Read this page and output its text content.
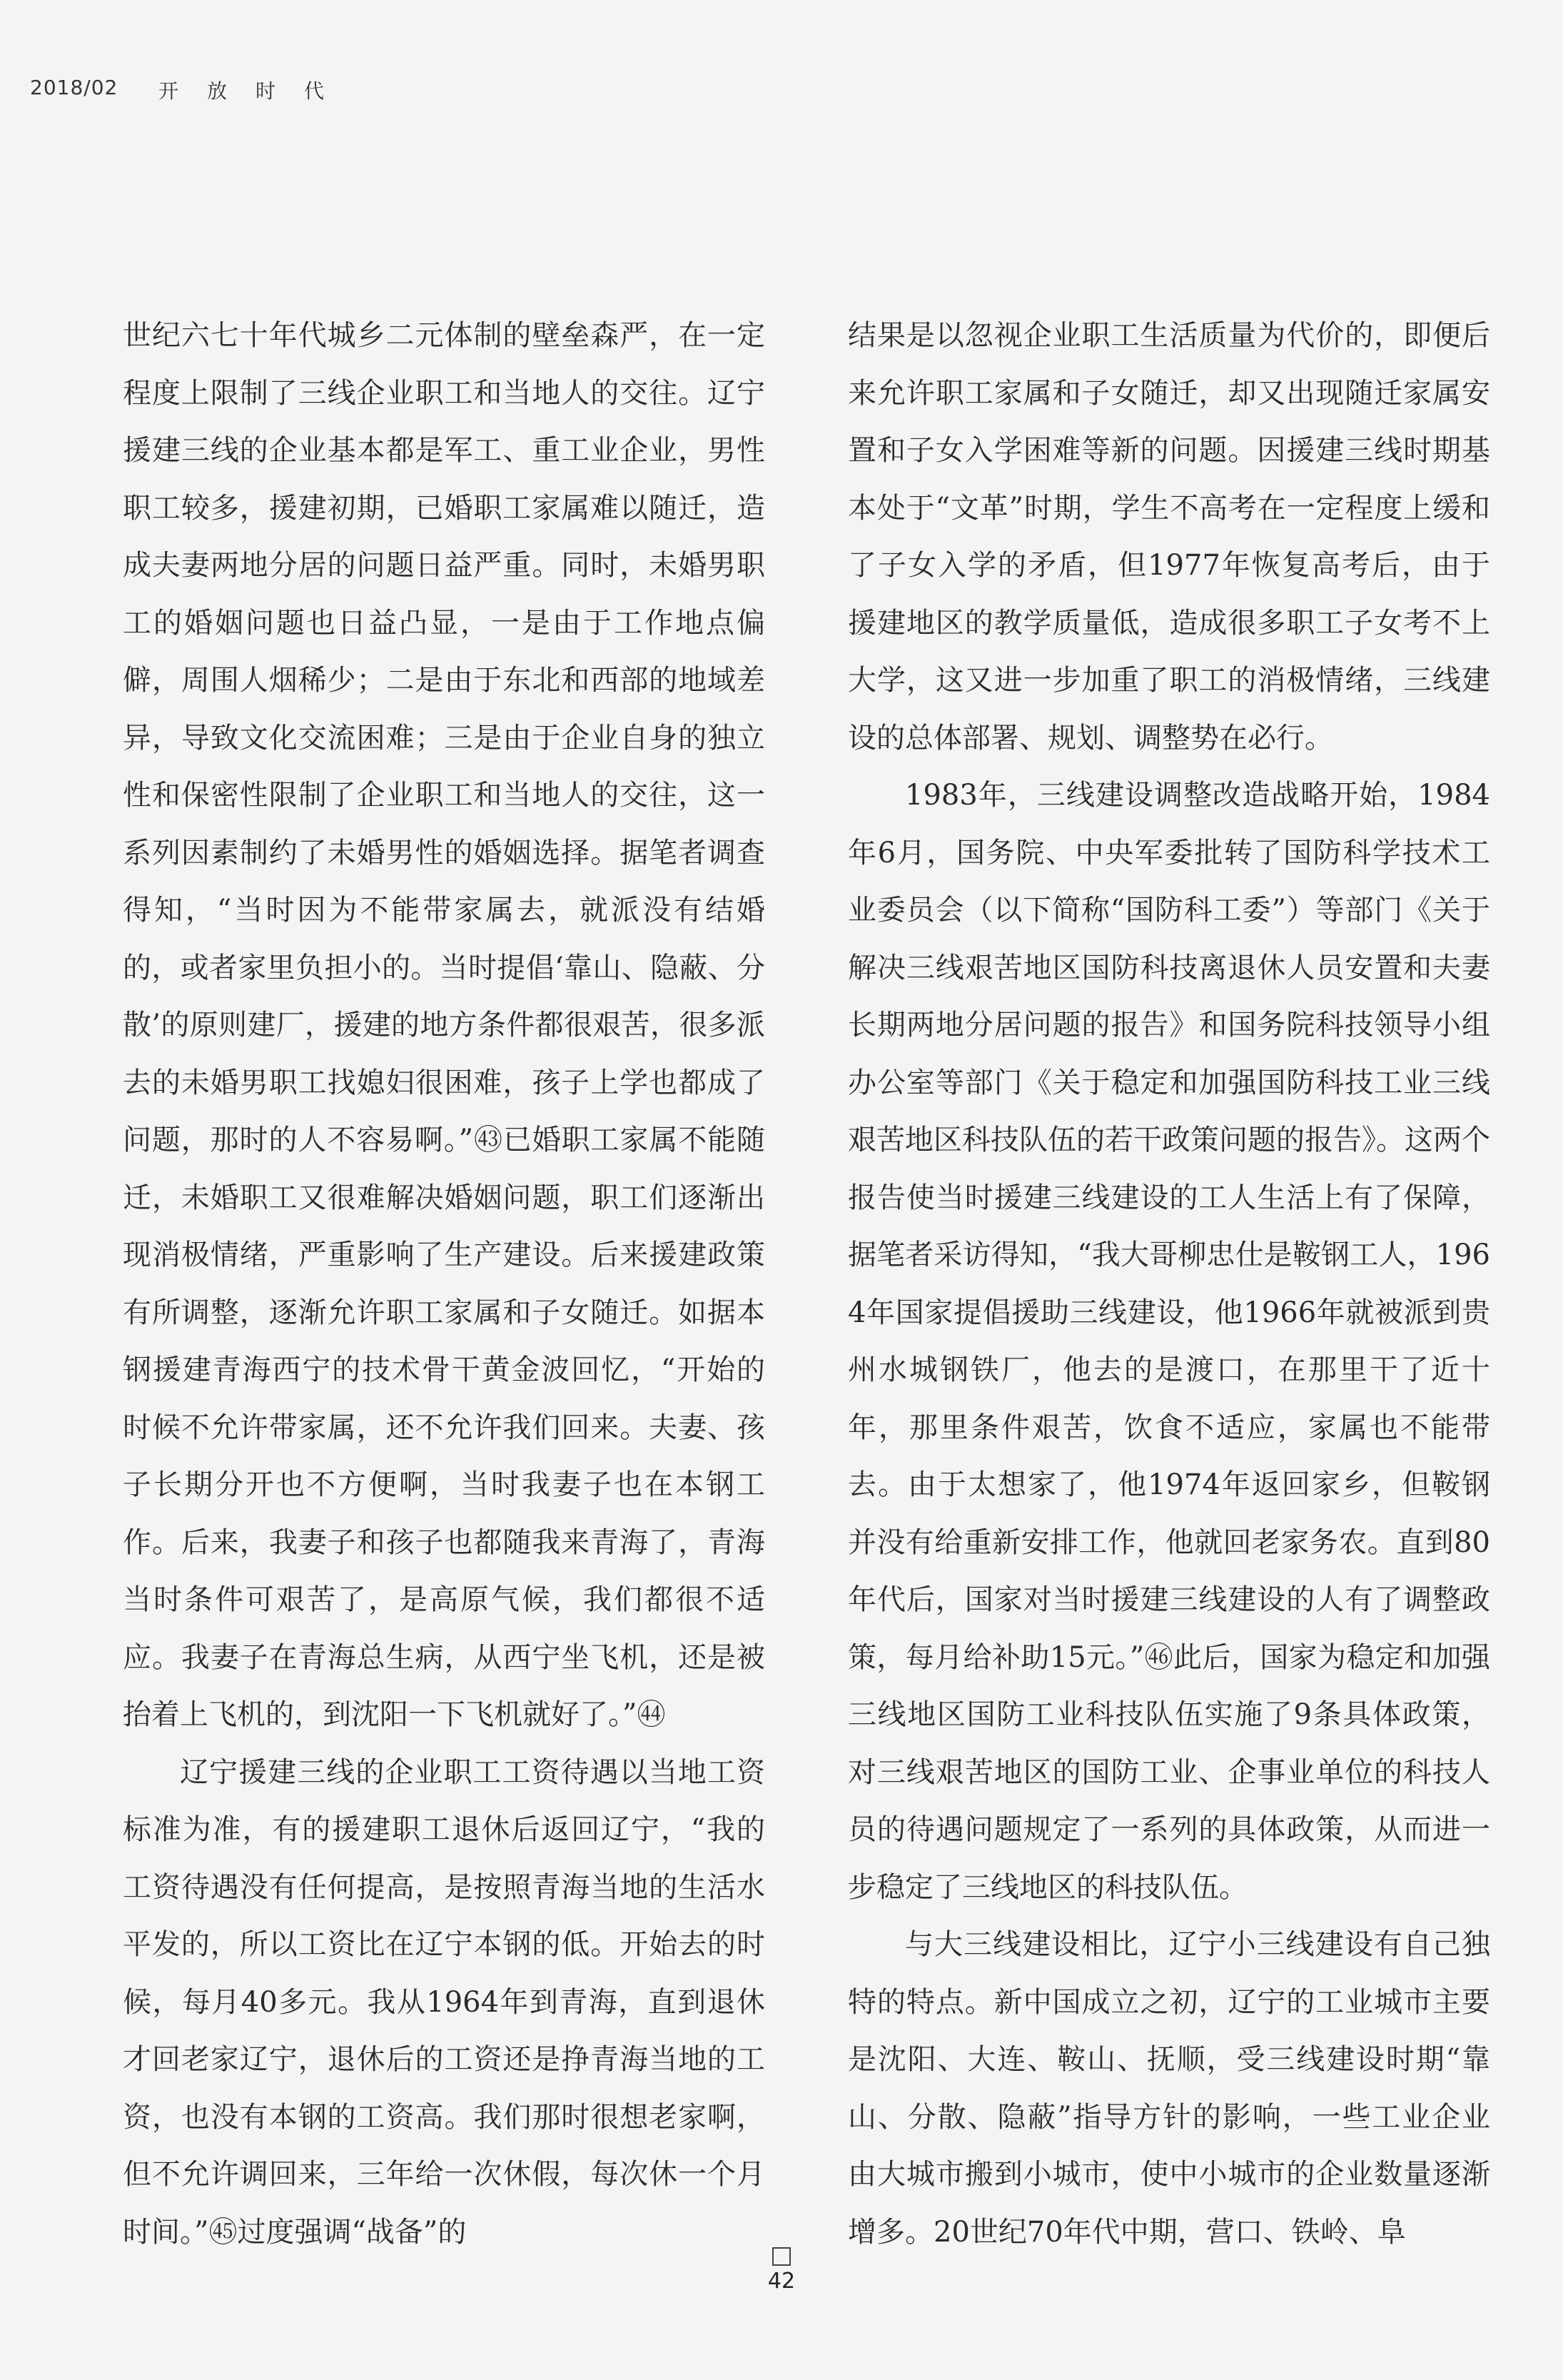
2018/02 开放时代

世纪六七十年代城乡二元体制的壁垒森严，在一定程度上限制了三线企业职工和当地人的交往。辽宁援建三线的企业基本都是军工、重工业企业，男性职工较多，援建初期，已婚职工家属难以随迁，造成夫妻两地分居的问题日益严重。同时，未婚男职工的婚姻问题也日益凸显，一是由于工作地点偏僻，周围人烟稀少；二是由于东北和西部的地域差异，导致文化交流困难；三是由于企业自身的独立性和保密性限制了企业职工和当地人的交往，这一系列因素制约了未婚男性的婚姻选择。据笔者调查得知，“当时因为不能带家属去，就派没有结婚的，或者家里负担小的。当时提倡‘靠山、隐蔽、分散’的原则建厂，援建的地方条件都很艰苦，很多派去的未婚男职工找媳妇很困难，孩子上学也都成了问题，那时的人不容易啊。”㊸已婚职工家属不能随迁，未婚职工又很难解决婚姻问题，职工们逐渐出现消极情绪，严重影响了生产建设。后来援建政策有所调整，逐渐允许职工家属和子女随迁。如据本钢援建青海西宁的技术骨干黄金波回忆，“开始的时候不允许带家属，还不允许我们回来。夫妻、孩子长期分开也不方便啊，当时我妻子也在本钢工作。后来，我妻子和孩子也都随我来青海了，青海当时条件可艰苦了，是高原气候，我们都很不适应。我妻子在青海总生病，从西宁坐飞机，还是被抬着上飞机的，到沈阳一下飞机就好了。”㊹

辽宁援建三线的企业职工工资待遇以当地工资标准为准，有的援建职工退休后返回辽宁，“我的工资待遇没有任何提高，是按照青海当地的生活水平发的，所以工资比在辽宁本钢的低。开始去的时候，每月40多元。我从1964年到青海，直到退休才回老家辽宁，退休后的工资还是挣青海当地的工资，也没有本钢的工资高。我们那时很想老家啊，但不允许调回来，三年给一次休假，每次休一个月时间。”㊺过度强调“战备”的

结果是以忽视企业职工生活质量为代价的，即便后来允许职工家属和子女随迁，却又出现随迁家属安置和子女入学困难等新的问题。因援建三线时期基本处于“文革”时期，学生不高考在一定程度上缓和了子女入学的矛盾，但1977年恢复高考后，由于援建地区的教学质量低，造成很多职工子女考不上大学，这又进一步加重了职工的消极情绪，三线建设的总体部署、规划、调整势在必行。

1983年，三线建设调整改造战略开始，1984年6月，国务院、中央军委批转了国防科学技术工业委员会（以下简称“国防科工委”）等部门《关于解决三线艰苦地区国防科技离退休人员安置和夫妻长期两地分居问题的报告》和国务院科技领导小组办公室等部门《关于稳定和加强国防科技工业三线艰苦地区科技队伍的若干政策问题的报告》。这两个报告使当时援建三线建设的工人生活上有了保障，据笔者采访得知，“我大哥柳忠仕是鞍钢工人，1964年国家提倡援助三线建设，他1966年就被派到贵州水城钢铁厂，他去的是渡口，在那里干了近十年，那里条件艰苦，饮食不适应，家属也不能带去。由于太想家了，他1974年返回家乡，但鞍钢并没有给重新安排工作，他就回老家务农。直到80年代后，国家对当时援建三线建设的人有了调整政策，每月给补助15元。”㊻此后，国家为稳定和加强三线地区国防工业科技队伍实施了9条具体政策，对三线艰苦地区的国防工业、企事业单位的科技人员的待遇问题规定了一系列的具体政策，从而进一步稳定了三线地区的科技队伍。

与大三线建设相比，辽宁小三线建设有自己独特的特点。新中国成立之初，辽宁的工业城市主要是沈阳、大连、鞍山、抚顺，受三线建设时期“靠山、分散、隐蔽”指导方针的影响，一些工业企业由大城市搬到小城市，使中小城市的企业数量逐渐增多。20世纪70年代中期，营口、铁岭、阜

42
